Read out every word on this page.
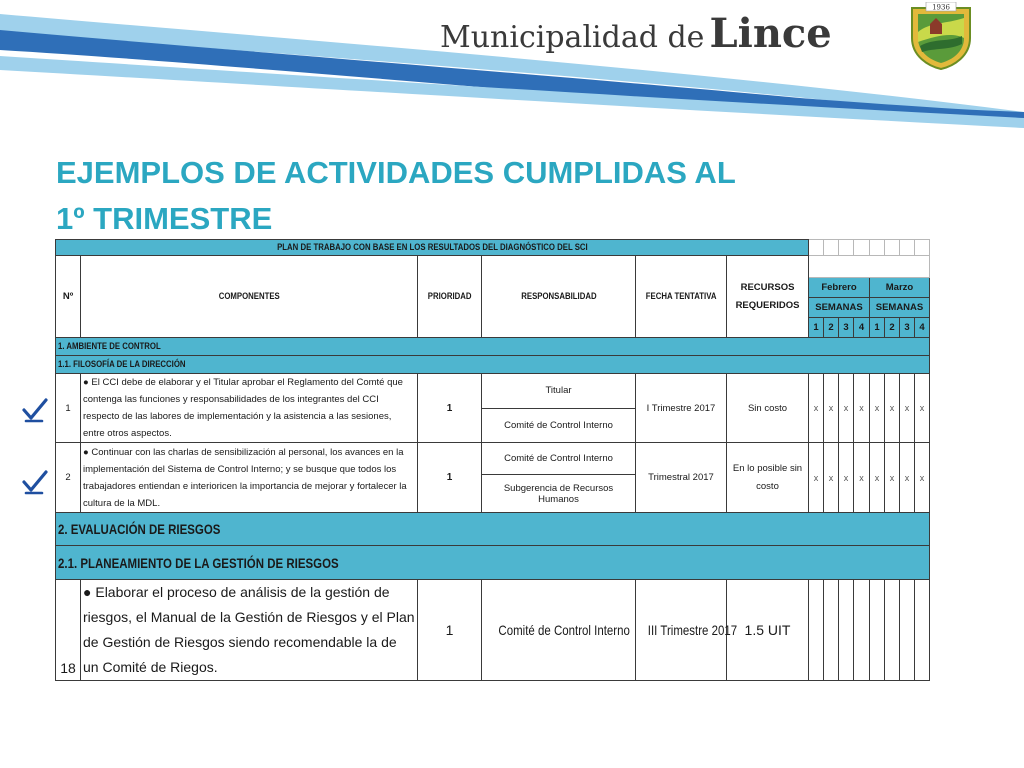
Municipalidad de Lince
1936
EJEMPLOS DE ACTIVIDADES CUMPLIDAS AL
1º TRIMESTRE
PLAN DE TRABAJO CON BASE EN LOS RESULTADOS DEL DIAGNÓSTICO DEL SCI													
Nº	COMPONENTES	PRIORIDAD	RESPONSABILIDAD	FECHA TENTATIVA	RECURSOS REQUERIDOS								
						Febrero				Marzo			
						SEMANAS				SEMANAS			
						1	2	3	4	1	2	3	4
1. AMBIENTE DE CONTROL													
1.1. FILOSOFÍA DE LA DIRECCIÓN													
1	● El CCI debe de elaborar y el Titular aprobar el Reglamento del Comté que contenga las funciones y responsabilidades de los integrantes del CCI respecto de las labores de implementación y la asistencia a las sesiones, entre otros aspectos.	1	Titular	I Trimestre 2017	Sin costo	x	x	x	x	x	x	x	x
			Comité de Control Interno										
2	● Continuar con las charlas de sensibilización al personal, los avances en la implementación del Sistema de Control Interno; y se busque que todos los trabajadores entiendan e interioricen la importancia de mejorar y fortalecer la cultura de la MDL.	1	Comité de Control Interno	Trimestral 2017	En lo posible sin costo	x	x	x	x	x	x	x	x
			Subgerencia de Recursos Humanos										
2. EVALUACIÓN DE RIESGOS													
2.1. PLANEAMIENTO DE LA GESTIÓN DE RIESGOS													
18	● Elaborar el proceso de análisis de la gestión de riesgos, el Manual de la Gestión de Riesgos y el Plan de Gestión de Riesgos siendo recomendable la de un Comité de Riegos.	1	Comité de Control Interno	III Trimestre 2017	1.5 UIT								
